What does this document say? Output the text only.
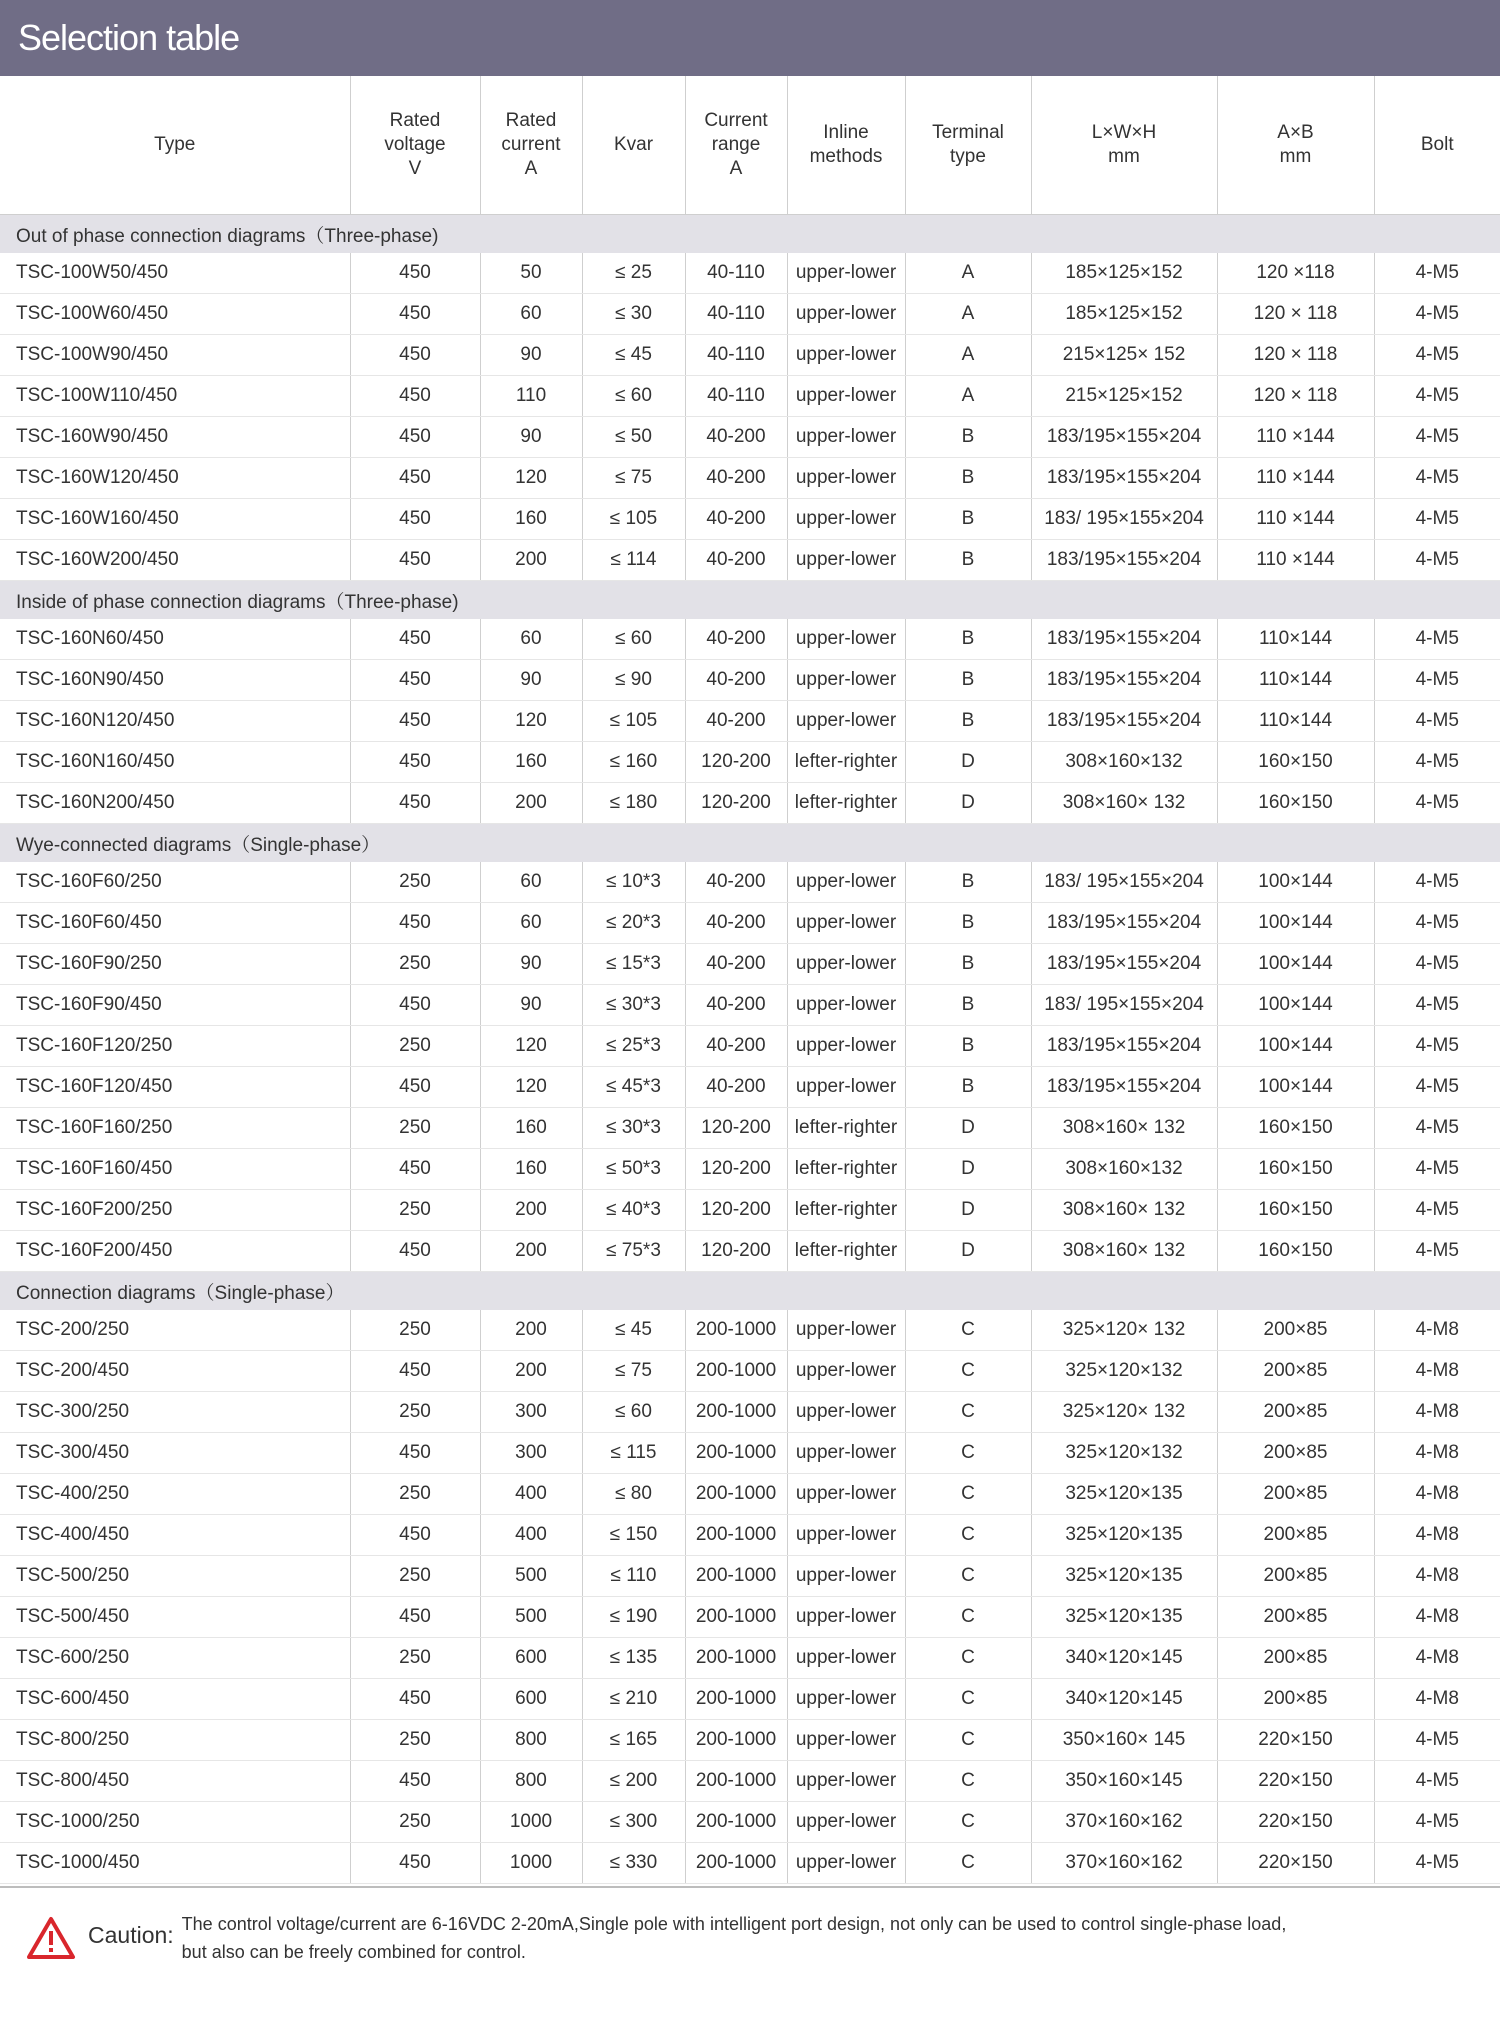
Selection table
Type	Rated
voltage
V	Rated
current
A	Kvar	Current
range
A	Inline
methods	Terminal
type	L×W×H
mm	A×B
mm	Bolt
Out of phase connection diagrams（Three-phase)									
TSC-100W50/450	450	50	≤ 25	40-110	upper-lower	A	185×125×152	120 ×118	4-M5
TSC-100W60/450	450	60	≤ 30	40-110	upper-lower	A	185×125×152	120 × 118	4-M5
TSC-100W90/450	450	90	≤ 45	40-110	upper-lower	A	215×125× 152	120 × 118	4-M5
TSC-100W110/450	450	110	≤ 60	40-110	upper-lower	A	215×125×152	120 × 118	4-M5
TSC-160W90/450	450	90	≤ 50	40-200	upper-lower	B	183/195×155×204	110 ×144	4-M5
TSC-160W120/450	450	120	≤ 75	40-200	upper-lower	B	183/195×155×204	110 ×144	4-M5
TSC-160W160/450	450	160	≤ 105	40-200	upper-lower	B	183/ 195×155×204	110 ×144	4-M5
TSC-160W200/450	450	200	≤ 114	40-200	upper-lower	B	183/195×155×204	110 ×144	4-M5
Inside of phase connection diagrams（Three-phase)									
TSC-160N60/450	450	60	≤ 60	40-200	upper-lower	B	183/195×155×204	110×144	4-M5
TSC-160N90/450	450	90	≤ 90	40-200	upper-lower	B	183/195×155×204	110×144	4-M5
TSC-160N120/450	450	120	≤ 105	40-200	upper-lower	B	183/195×155×204	110×144	4-M5
TSC-160N160/450	450	160	≤ 160	120-200	lefter-righter	D	308×160×132	160×150	4-M5
TSC-160N200/450	450	200	≤ 180	120-200	lefter-righter	D	308×160× 132	160×150	4-M5
Wye-connected diagrams（Single-phase）									
TSC-160F60/250	250	60	≤ 10*3	40-200	upper-lower	B	183/ 195×155×204	100×144	4-M5
TSC-160F60/450	450	60	≤ 20*3	40-200	upper-lower	B	183/195×155×204	100×144	4-M5
TSC-160F90/250	250	90	≤ 15*3	40-200	upper-lower	B	183/195×155×204	100×144	4-M5
TSC-160F90/450	450	90	≤ 30*3	40-200	upper-lower	B	183/ 195×155×204	100×144	4-M5
TSC-160F120/250	250	120	≤ 25*3	40-200	upper-lower	B	183/195×155×204	100×144	4-M5
TSC-160F120/450	450	120	≤ 45*3	40-200	upper-lower	B	183/195×155×204	100×144	4-M5
TSC-160F160/250	250	160	≤ 30*3	120-200	lefter-righter	D	308×160× 132	160×150	4-M5
TSC-160F160/450	450	160	≤ 50*3	120-200	lefter-righter	D	308×160×132	160×150	4-M5
TSC-160F200/250	250	200	≤ 40*3	120-200	lefter-righter	D	308×160× 132	160×150	4-M5
TSC-160F200/450	450	200	≤ 75*3	120-200	lefter-righter	D	308×160× 132	160×150	4-M5
Connection diagrams（Single-phase）									
TSC-200/250	250	200	≤ 45	200-1000	upper-lower	C	325×120× 132	200×85	4-M8
TSC-200/450	450	200	≤ 75	200-1000	upper-lower	C	325×120×132	200×85	4-M8
TSC-300/250	250	300	≤ 60	200-1000	upper-lower	C	325×120× 132	200×85	4-M8
TSC-300/450	450	300	≤ 115	200-1000	upper-lower	C	325×120×132	200×85	4-M8
TSC-400/250	250	400	≤ 80	200-1000	upper-lower	C	325×120×135	200×85	4-M8
TSC-400/450	450	400	≤ 150	200-1000	upper-lower	C	325×120×135	200×85	4-M8
TSC-500/250	250	500	≤ 110	200-1000	upper-lower	C	325×120×135	200×85	4-M8
TSC-500/450	450	500	≤ 190	200-1000	upper-lower	C	325×120×135	200×85	4-M8
TSC-600/250	250	600	≤ 135	200-1000	upper-lower	C	340×120×145	200×85	4-M8
TSC-600/450	450	600	≤ 210	200-1000	upper-lower	C	340×120×145	200×85	4-M8
TSC-800/250	250	800	≤ 165	200-1000	upper-lower	C	350×160× 145	220×150	4-M5
TSC-800/450	450	800	≤ 200	200-1000	upper-lower	C	350×160×145	220×150	4-M5
TSC-1000/250	250	1000	≤ 300	200-1000	upper-lower	C	370×160×162	220×150	4-M5
TSC-1000/450	450	1000	≤ 330	200-1000	upper-lower	C	370×160×162	220×150	4-M5
Caution: The control voltage/current are 6-16VDC 2-20mA,Single pole with intelligent port design, not only can be used to control single-phase load,
but also can be freely combined for control.
